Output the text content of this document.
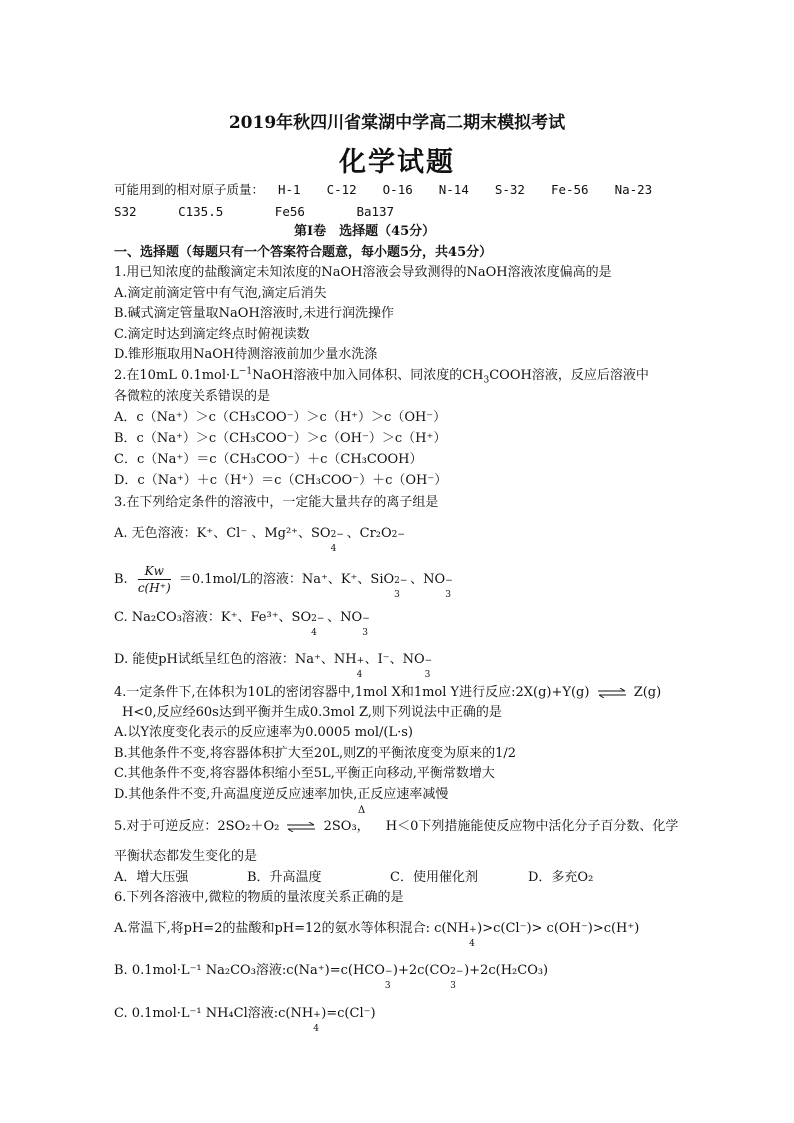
2019年秋四川省棠湖中学高二期末模拟考试
化学试题
可能用到的相对原子质量： H-1 C-12 O-16 N-14 S-32 Fe-56 Na-23
S32	C135.5	Fe56	Ba137
第Ⅰ卷　选择题（45分）
一、选择题（每题只有一个答案符合题意，每小题5分，共45分）
1.用已知浓度的盐酸滴定未知浓度的NaOH溶液会导致测得的NaOH溶液浓度偏高的是
A.滴定前滴定管中有气泡,滴定后消失
B.碱式滴定管量取NaOH溶液时,未进行润洗操作
C.滴定时达到滴定终点时俯视读数
D.锥形瓶取用NaOH待测溶液前加少量水洗涤
2.在10mL $0.1mol\cdot L^{-1}NaOH$溶液中加入同体积、同浓度的$CH_3COOH$溶液，反应后溶液中
各微粒的浓度关系错误的是
A．c（Na⁺）＞c（CH₃COO⁻）＞c（H⁺）＞c（OH⁻）
B．c（Na⁺）＞c（CH₃COO⁻）＞c（OH⁻）＞c（H⁺）
C．c（Na⁺）＝c（CH₃COO⁻）＋c（CH₃COOH）
D．c（Na⁺）＋c（H⁺）＝c（CH₃COO⁻）＋c（OH⁻）
3.在下列给定条件的溶液中，一定能大量共存的离子组是
A. 无色溶液：K⁺、Cl⁻ 、Mg²⁺、SO 2−
4
、Cr₂O 2−
B. $\frac{Kw}{c(H^+)} =0.1mol/L$的溶液：Na⁺、K⁺、SiO 2−
3
、NO −
3
C. Na₂CO₃溶液：K⁺、Fe³⁺、SO 2−
4
、NO −
3
D. 能使pH试纸呈红色的溶液：Na⁺、NH +
4
、I⁻、NO −
3
4.一定条件下,在体积为10L的密闭容器中,1mol X和1mol Y进行反应:2X(g)+Y(g) ⇌ Z(g)
H<0,反应经60s达到平衡并生成0.3mol Z,则下列说法中正确的是
A.以Y浓度变化表示的反应速率为0.0005 mol/(L·s)
B.其他条件不变,将容器体积扩大至20L,则Z的平衡浓度变为原来的1/2
C.其他条件不变,将容器体积缩小至5L,平衡正向移动,平衡常数增大
D.其他条件不变,升高温度逆反应速率加快,正反应速率减慢
Δ
5.对于可逆反应：2SO₂＋O₂ ⇌ 2SO₃， H＜0下列措施能使反应物中活化分子百分数、化学
平衡状态都发生变化的是
A．增大压强	B．升高温度	C．使用催化剂	D．多充O₂
6.下列各溶液中,微粒的物质的量浓度关系正确的是
A.常温下,将pH=2的盐酸和pH=12的氨水等体积混合: c(NH +
4
)>c(Cl⁻)> c(OH⁻)>c(H⁺)
B. 0.1mol·L⁻¹ Na₂CO₃溶液:c(Na⁺)=c(HCO −
3
)+2c(CO 2−
3
)+2c(H₂CO₃)
C. 0.1mol·L⁻¹ NH₄Cl溶液:c(NH +
4
)=c(Cl⁻)
